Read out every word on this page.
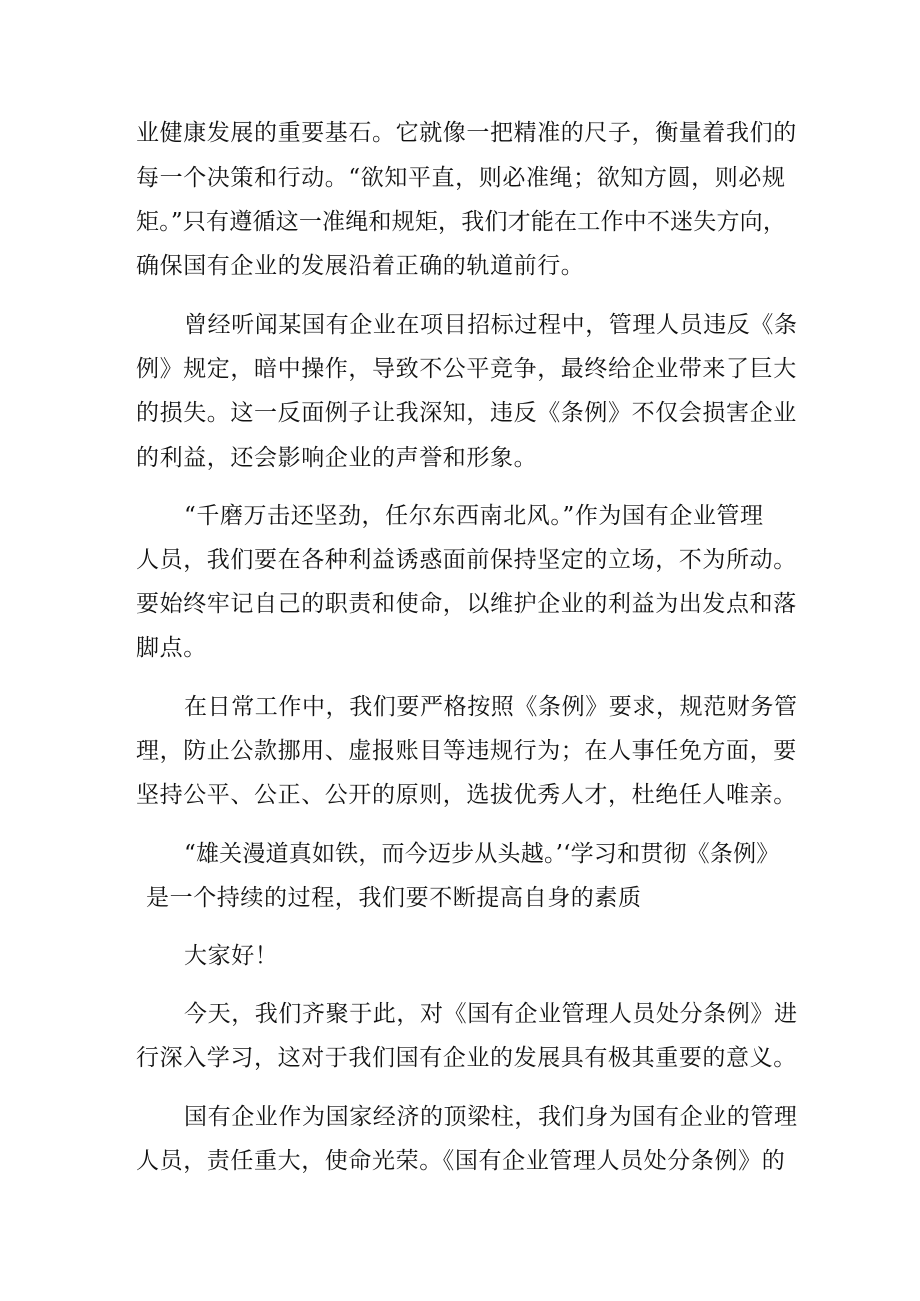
业健康发展的重要基石。它就像一把精准的尺子，衡量着我们的

每一个决策和行动。“欲知平直，则必准绳；欲知方圆，则必规

矩。”只有遵循这一准绳和规矩，我们才能在工作中不迷失方向，

确保国有企业的发展沿着正确的轨道前行。

曾经听闻某国有企业在项目招标过程中，管理人员违反《条

例》规定，暗中操作，导致不公平竞争，最终给企业带来了巨大

的损失。这一反面例子让我深知，违反《条例》不仅会损害企业

的利益，还会影响企业的声誉和形象。

“千磨万击还坚劲，任尔东西南北风。”作为国有企业管理

人员，我们要在各种利益诱惑面前保持坚定的立场，不为所动。

要始终牢记自己的职责和使命，以维护企业的利益为出发点和落

脚点。

在日常工作中，我们要严格按照《条例》要求，规范财务管

理，防止公款挪用、虚报账目等违规行为；在人事任免方面，要

坚持公平、公正、公开的原则，选拔优秀人才，杜绝任人唯亲。

“雄关漫道真如铁，而今迈步从头越。’‘学习和贯彻《条例》

是一个持续的过程，我们要不断提高自身的素质

大家好！

今天，我们齐聚于此，对《国有企业管理人员处分条例》进

行深入学习，这对于我们国有企业的发展具有极其重要的意义。

国有企业作为国家经济的顶梁柱，我们身为国有企业的管理

人员，责任重大，使命光荣。《国有企业管理人员处分条例》的
